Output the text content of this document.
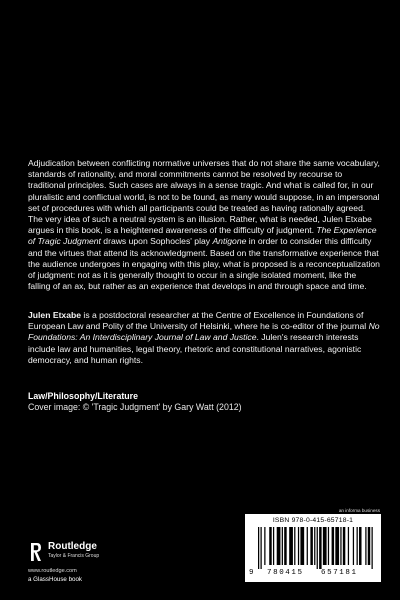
Adjudication between conflicting normative universes that do not share the same vocabulary, standards of rationality, and moral commitments cannot be resolved by recourse to traditional principles. Such cases are always in a sense tragic. And what is called for, in our pluralistic and conflictual world, is not to be found, as many would suppose, in an impersonal set of procedures with which all participants could be treated as having rationally agreed. The very idea of such a neutral system is an illusion. Rather, what is needed, Julen Etxabe argues in this book, is a heightened awareness of the difficulty of judgment. The Experience of Tragic Judgment draws upon Sophocles' play Antigone in order to consider this difficulty and the virtues that attend its acknowledgment. Based on the transformative experience that the audience undergoes in engaging with this play, what is proposed is a reconceptualization of judgment: not as it is generally thought to occur in a single isolated moment, like the falling of an ax, but rather as an experience that develops in and through space and time.

Julen Etxabe is a postdoctoral researcher at the Centre of Excellence in Foundations of European Law and Polity of the University of Helsinki, where he is co-editor of the journal No Foundations: An Interdisciplinary Journal of Law and Justice. Julen's research interests include law and humanities, legal theory, rhetoric and constitutional narratives, agonistic democracy, and human rights.
Law/Philosophy/Literature
Cover image: © 'Tragic Judgment' by Gary Watt (2012)
Routledge
Taylor & Francis Group
www.routledge.com
a GlassHouse book
an informa business
ISBN 978-0-415-65718-1
9 780415 657181
